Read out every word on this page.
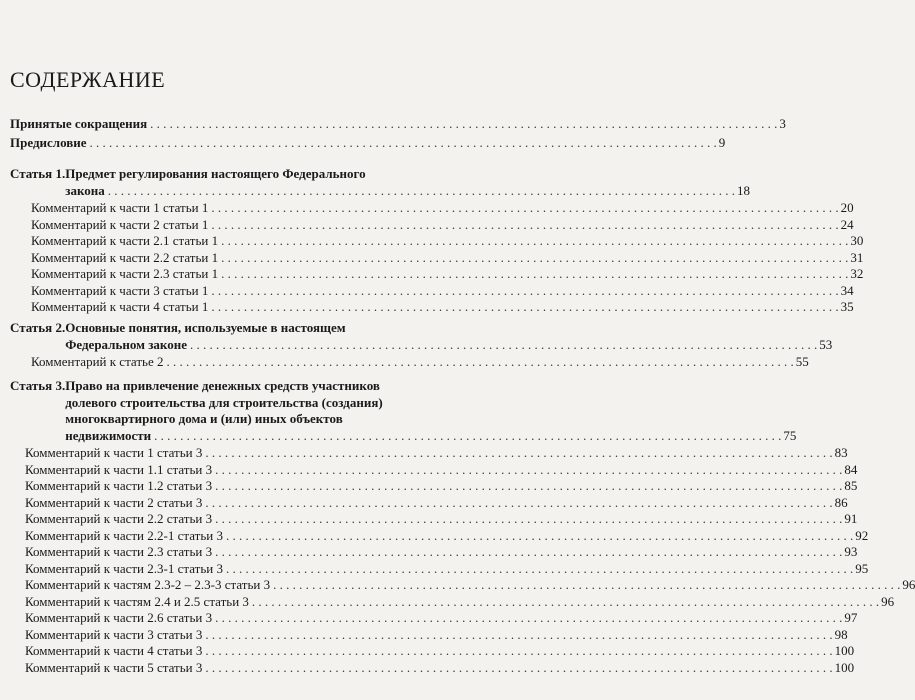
СОДЕРЖАНИЕ
Принятые сокращения . . .	3
Предисловие . . .	9
Статья 1. Предмет регулирования настоящего Федерального
закона . . .	18
Комментарий к части 1 статьи 1 . . .	20
Комментарий к части 2 статьи 1 . . .	24
Комментарий к части 2.1 статьи 1 . . .	30
Комментарий к части 2.2 статьи 1 . . .	31
Комментарий к части 2.3 статьи 1 . . .	32
Комментарий к части 3 статьи 1 . . .	34
Комментарий к части 4 статьи 1 . . .	35
Статья 2. Основные понятия, используемые в настоящем
Федеральном законе . . .	53
Комментарий к статье 2 . . .	55
Статья 3. Право на привлечение денежных средств участников
долевого строительства для строительства (создания)
многоквартирного дома и (или) иных объектов
недвижимости . . .	75
Комментарий к части 1 статьи 3 . . .	83
Комментарий к части 1.1 статьи 3 . . .	84
Комментарий к части 1.2 статьи 3 . . .	85
Комментарий к части 2 статьи 3 . . .	86
Комментарий к части 2.2 статьи 3 . . .	91
Комментарий к части 2.2-1 статьи 3 . . .	92
Комментарий к части 2.3 статьи 3 . . .	93
Комментарий к части 2.3-1 статьи 3 . . .	95
Комментарий к частям 2.3-2 – 2.3-3 статьи 3 . . .	96
Комментарий к частям 2.4 и 2.5 статьи 3 . . .	96
Комментарий к части 2.6 статьи 3 . . .	97
Комментарий к части 3 статьи 3 . . .	98
Комментарий к части 4 статьи 3 . . .	100
Комментарий к части 5 статьи 3 . . .	100
